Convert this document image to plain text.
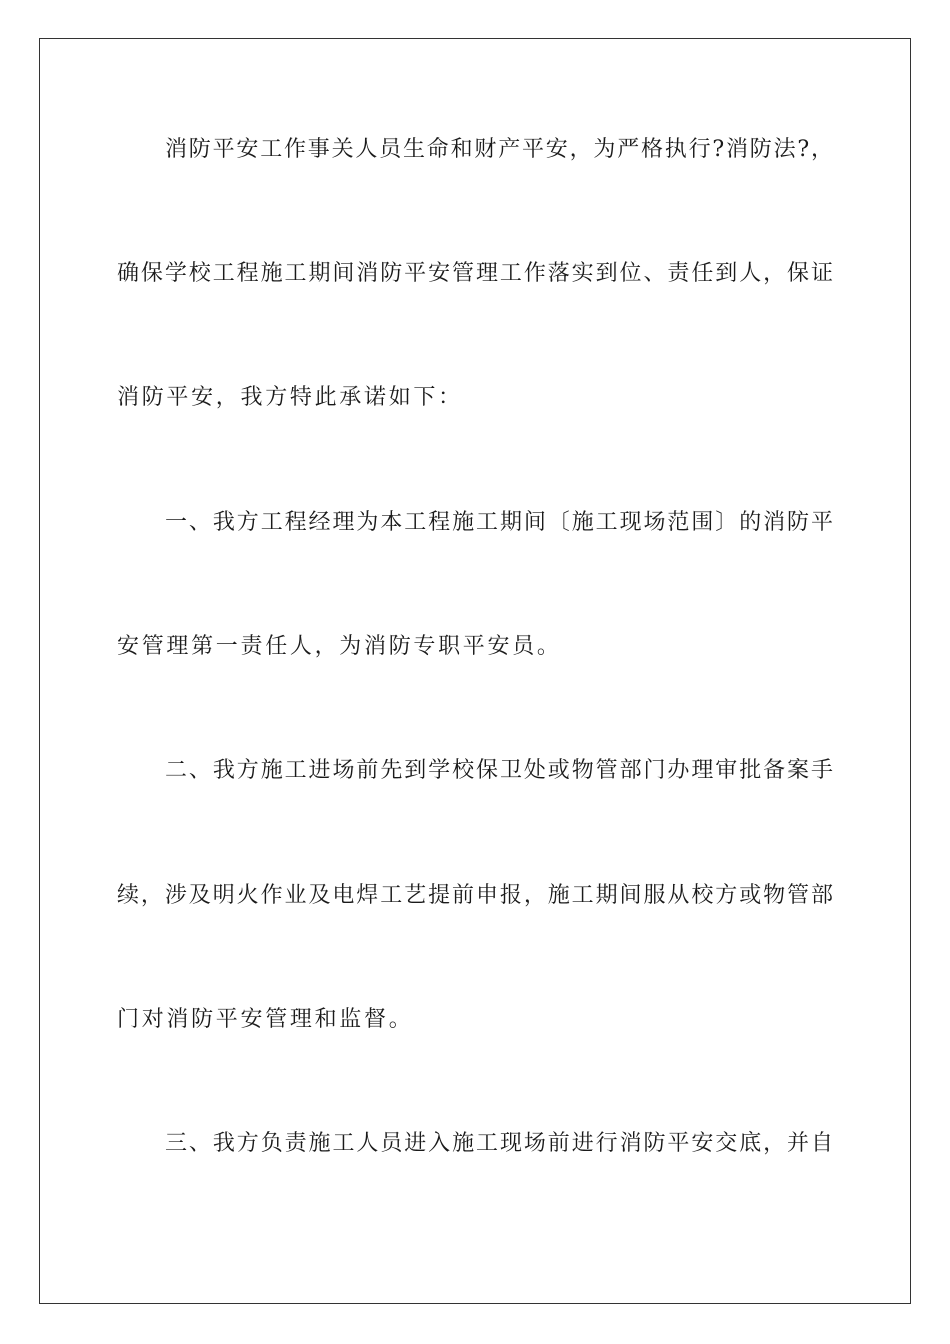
消防平安工作事关人员生命和财产平安，为严格执行?消防法?，
确保学校工程施工期间消防平安管理工作落实到位、责任到人，保证
消防平安，我方特此承诺如下：
一、我方工程经理为本工程施工期间〔施工现场范围〕的消防平
安管理第一责任人，为消防专职平安员。
二、我方施工进场前先到学校保卫处或物管部门办理审批备案手
续，涉及明火作业及电焊工艺提前申报，施工期间服从校方或物管部
门对消防平安管理和监督。
三、我方负责施工人员进入施工现场前进行消防平安交底，并自
